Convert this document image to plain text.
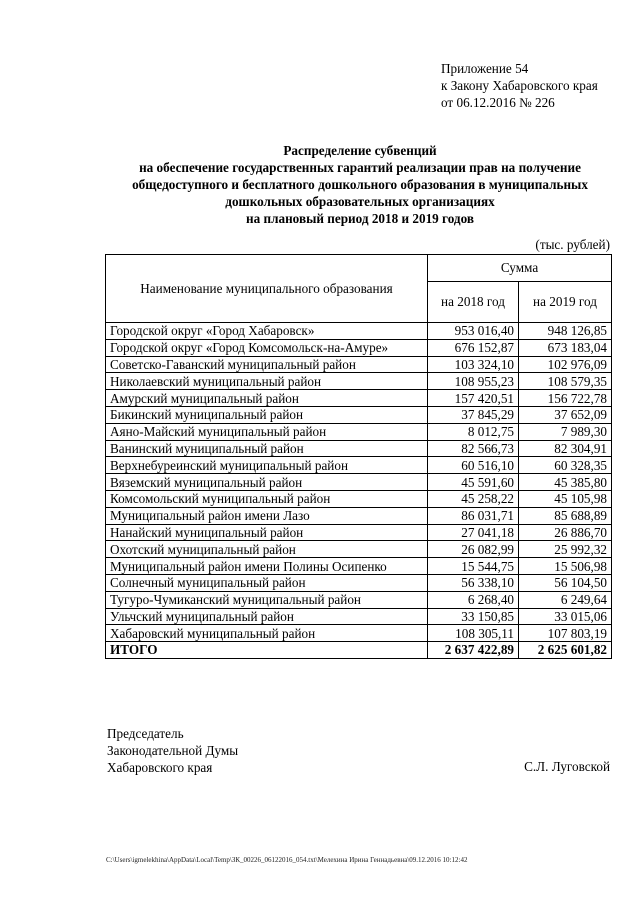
Приложение 54
к Закону Хабаровского края
от 06.12.2016 № 226
Распределение субвенций
на обеспечение государственных гарантий реализации прав на получение
общедоступного и бесплатного дошкольного образования в муниципальных
дошкольных образовательных организациях
на плановый период 2018 и 2019 годов
(тыс. рублей)
Наименование муниципального образования	Сумма	
	на 2018 год	на 2019 год
Городской округ «Город Хабаровск»	953 016,40	948 126,85
Городской округ «Город Комсомольск-на-Амуре»	676 152,87	673 183,04
Советско-Гаванский муниципальный район	103 324,10	102 976,09
Николаевский муниципальный район	108 955,23	108 579,35
Амурский муниципальный район	157 420,51	156 722,78
Бикинский муниципальный район	37 845,29	37 652,09
Аяно-Майский муниципальный район	8 012,75	7 989,30
Ванинский муниципальный район	82 566,73	82 304,91
Верхнебуреинский муниципальный район	60 516,10	60 328,35
Вяземский муниципальный район	45 591,60	45 385,80
Комсомольский муниципальный район	45 258,22	45 105,98
Муниципальный район имени Лазо	86 031,71	85 688,89
Нанайский муниципальный район	27 041,18	26 886,70
Охотский муниципальный район	26 082,99	25 992,32
Муниципальный район имени Полины Осипенко	15 544,75	15 506,98
Солнечный муниципальный район	56 338,10	56 104,50
Тугуро-Чумиканский муниципальный район	6 268,40	6 249,64
Ульчский муниципальный район	33 150,85	33 015,06
Хабаровский муниципальный район	108 305,11	107 803,19
ИТОГО	2 637 422,89	2 625 601,82
Председатель
Законодательной Думы
Хабаровского края	С.Л. Луговской
C:\Users\igmelekhina\AppData\Local\Temp\ЗК_00226_06122016_054.txt\Мелехина Ирина Геннадьевна\09.12.2016 10:12:42
